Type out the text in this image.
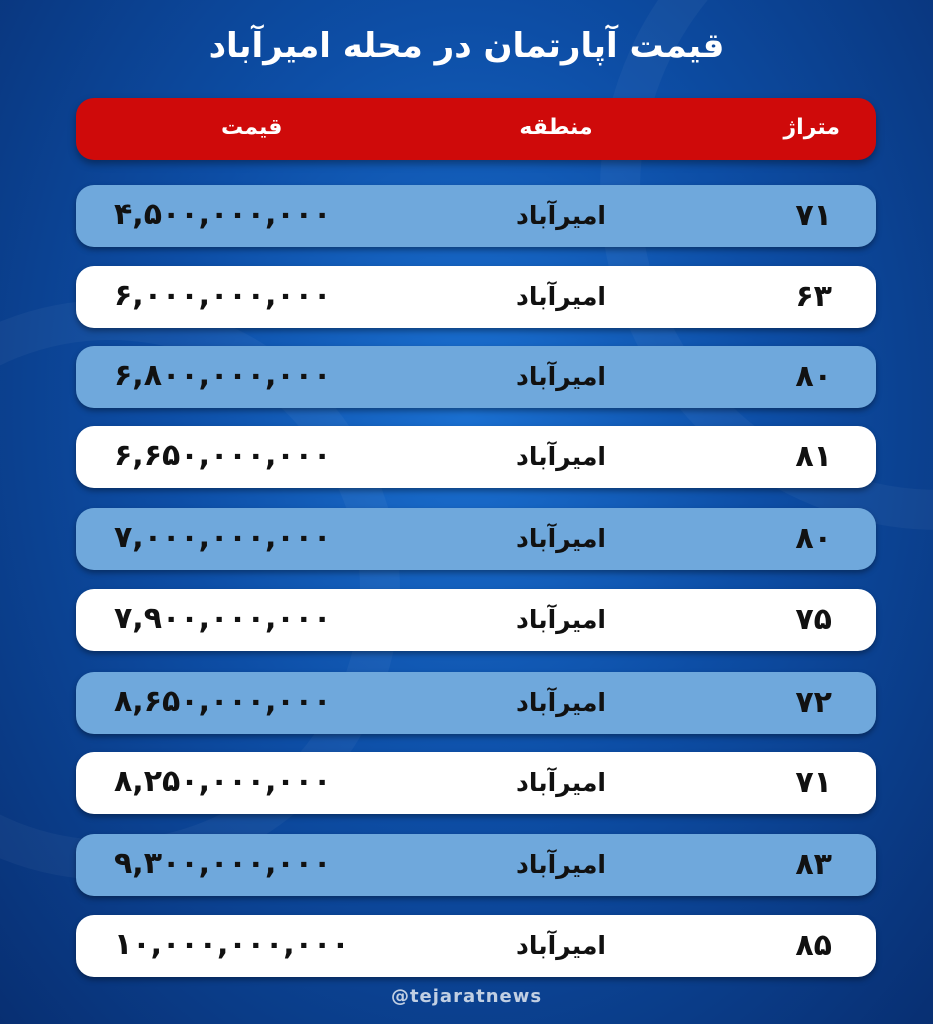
قیمت آپارتمان در محله امیرآباد
متراژ
منطقه
قیمت
۷۱
امیرآباد
۴,۵۰۰,۰۰۰,۰۰۰
۶۳
امیرآباد
۶,۰۰۰,۰۰۰,۰۰۰
۸۰
امیرآباد
۶,۸۰۰,۰۰۰,۰۰۰
۸۱
امیرآباد
۶,۶۵۰,۰۰۰,۰۰۰
۸۰
امیرآباد
۷,۰۰۰,۰۰۰,۰۰۰
۷۵
امیرآباد
۷,۹۰۰,۰۰۰,۰۰۰
۷۲
امیرآباد
۸,۶۵۰,۰۰۰,۰۰۰
۷۱
امیرآباد
۸,۲۵۰,۰۰۰,۰۰۰
۸۳
امیرآباد
۹,۳۰۰,۰۰۰,۰۰۰
۸۵
امیرآباد
۱۰,۰۰۰,۰۰۰,۰۰۰
@tejaratnews
